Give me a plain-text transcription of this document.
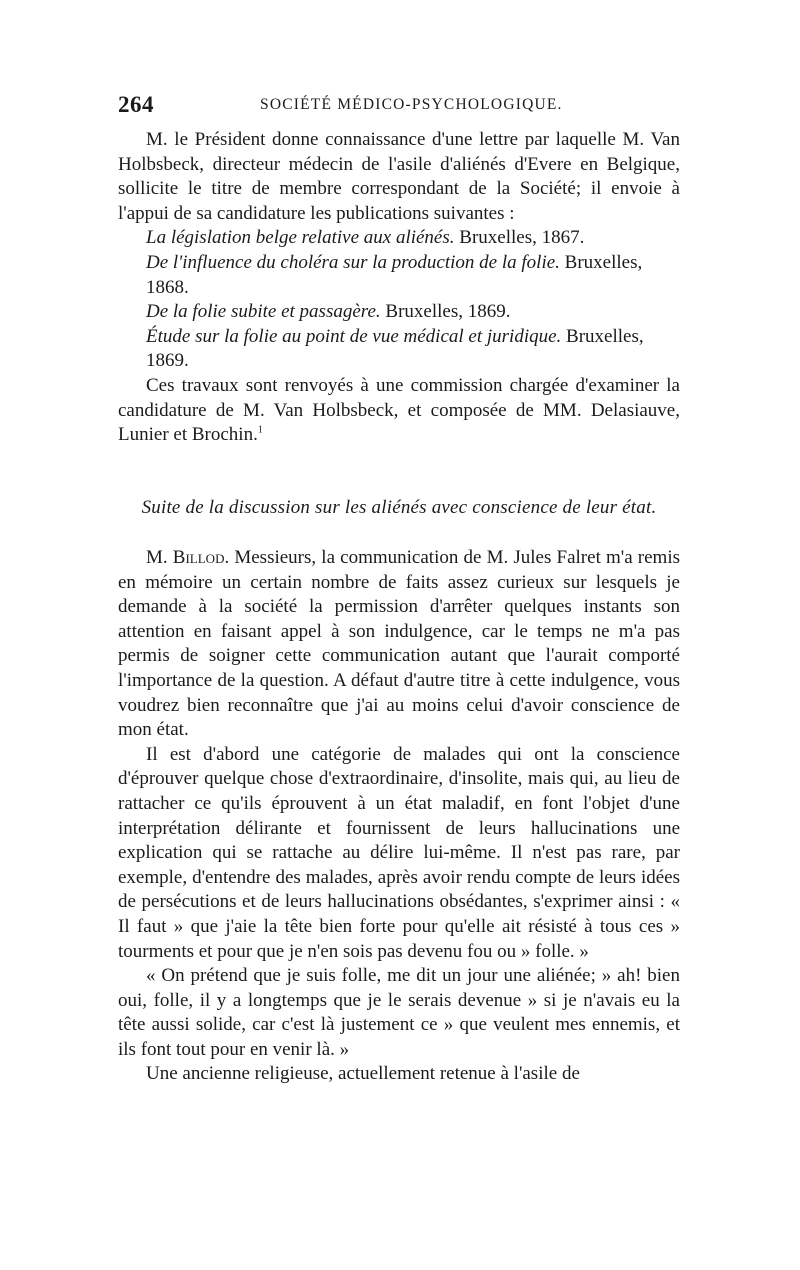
264	SOCIÉTÉ MÉDICO-PSYCHOLOGIQUE.

M. le Président donne connaissance d'une lettre par laquelle M. Van Holbsbeck, directeur médecin de l'asile d'aliénés d'Evere en Belgique, sollicite le titre de membre correspondant de la Société; il envoie à l'appui de sa candidature les publications suivantes :

La législation belge relative aux aliénés. Bruxelles, 1867.
De l'influence du choléra sur la production de la folie. Bruxelles, 1868.
De la folie subite et passagère. Bruxelles, 1869.
Étude sur la folie au point de vue médical et juridique. Bruxelles, 1869.

Ces travaux sont renvoyés à une commission chargée d'examiner la candidature de M. Van Holbsbeck, et composée de MM. Delasiauve, Lunier et Brochin.$^1$

Suite de la discussion sur les aliénés avec conscience de leur état.

M. Billod. Messieurs, la communication de M. Jules Falret m'a remis en mémoire un certain nombre de faits assez curieux sur lesquels je demande à la société la permission d'arrêter quelques instants son attention en faisant appel à son indulgence, car le temps ne m'a pas permis de soigner cette communication autant que l'aurait comporté l'importance de la question. A défaut d'autre titre à cette indulgence, vous voudrez bien reconnaître que j'ai au moins celui d'avoir conscience de mon état.

Il est d'abord une catégorie de malades qui ont la conscience d'éprouver quelque chose d'extraordinaire, d'insolite, mais qui, au lieu de rattacher ce qu'ils éprouvent à un état maladif, en font l'objet d'une interprétation délirante et fournissent de leurs hallucinations une explication qui se rattache au délire lui-même. Il n'est pas rare, par exemple, d'entendre des malades, après avoir rendu compte de leurs idées de persécutions et de leurs hallucinations obsédantes, s'exprimer ainsi : « Il faut » que j'aie la tête bien forte pour qu'elle ait résisté à tous ces » tourments et pour que je n'en sois pas devenu fou ou » folle. »

« On prétend que je suis folle, me dit un jour une aliénée; » ah! bien oui, folle, il y a longtemps que je le serais devenue » si je n'avais eu la tête aussi solide, car c'est là justement ce » que veulent mes ennemis, et ils font tout pour en venir là. »

Une ancienne religieuse, actuellement retenue à l'asile de
